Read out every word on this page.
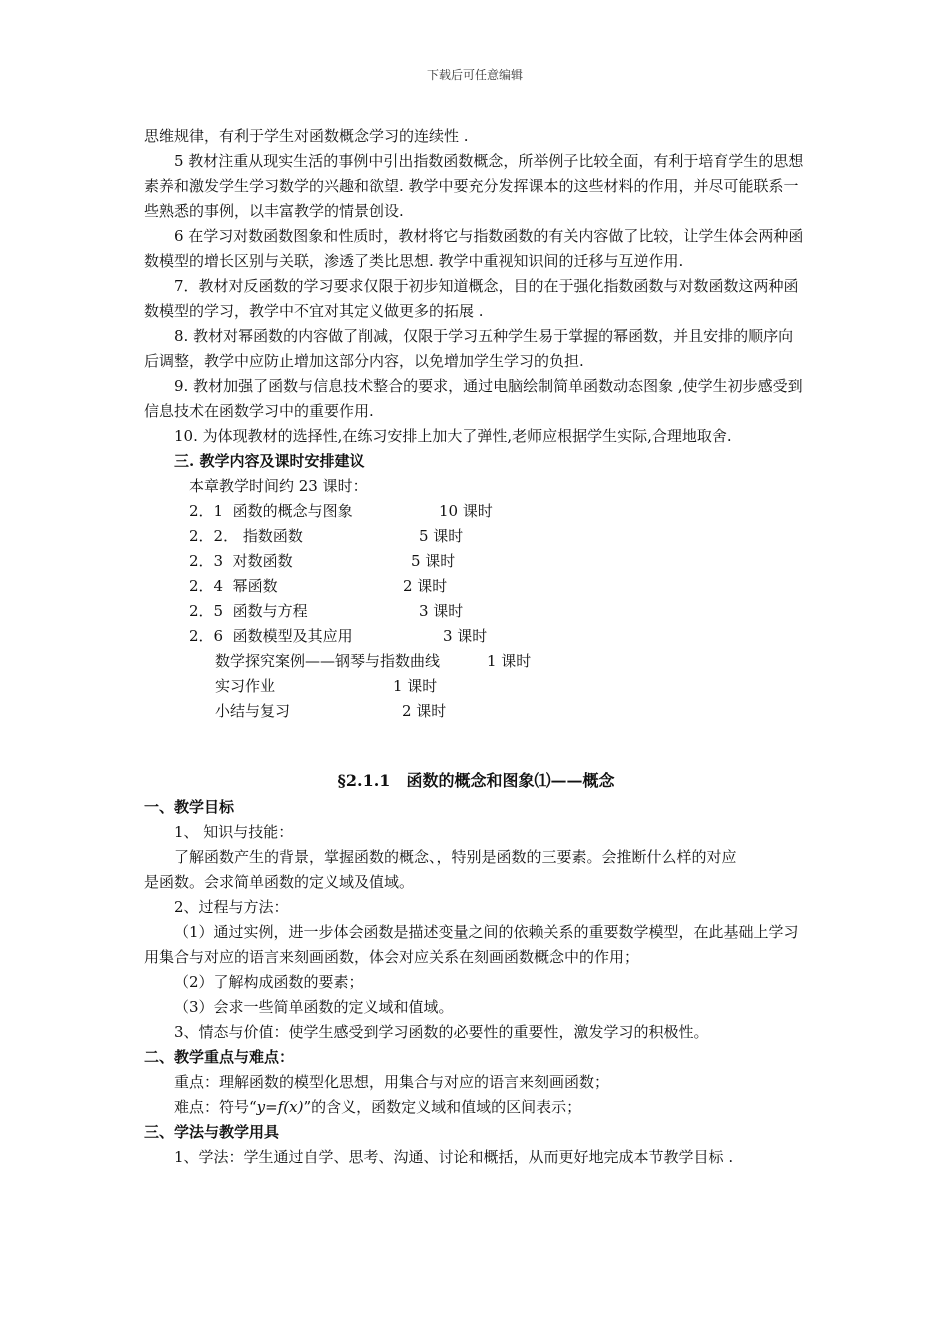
下载后可任意编辑

思维规律，有利于学生对函数概念学习的连续性 .

5 教材注重从现实生活的事例中引出指数函数概念，所举例子比较全面，有利于培育学生的思想素养和激发学生学习数学的兴趣和欲望. 教学中要充分发挥课本的这些材料的作用，并尽可能联系一些熟悉的事例，以丰富教学的情景创设.

6 在学习对数函数图象和性质时，教材将它与指数函数的有关内容做了比较，让学生体会两种函数模型的增长区别与关联，渗透了类比思想. 教学中重视知识间的迁移与互逆作用.

7．教材对反函数的学习要求仅限于初步知道概念，目的在于强化指数函数与对数函数这两种函数模型的学习，教学中不宜对其定义做更多的拓展 .

8. 教材对幂函数的内容做了削减，仅限于学习五种学生易于掌握的幂函数，并且安排的顺序向后调整，教学中应防止增加这部分内容，以免增加学生学习的负担.

9. 教材加强了函数与信息技术整合的要求，通过电脑绘制简单函数动态图象 ,使学生初步感受到信息技术在函数学习中的重要作用.

10. 为体现教材的选择性,在练习安排上加大了弹性,老师应根据学生实际,合理地取舍.

三. 教学内容及课时安排建议

本章教学时间约 23 课时：

2．1  函数的概念与图象	10 课时
2．2． 指数函数	5 课时
2．3  对数函数	5 课时
2．4  幂函数	2 课时
2．5  函数与方程	3 课时
2．6  函数模型及其应用	3 课时
数学探究案例——钢琴与指数曲线	1 课时
实习作业	1 课时
小结与复习	2 课时
§2.1.1　函数的概念和图象⑴——概念

一、教学目标

1、 知识与技能：

了解函数产生的背景，掌握函数的概念、，特别是函数的三要素。会推断什么样的对应

是函数。会求简单函数的定义域及值域。

2、过程与方法：

（1）通过实例，进一步体会函数是描述变量之间的依赖关系的重要数学模型，在此基础上学习用集合与对应的语言来刻画函数，体会对应关系在刻画函数概念中的作用；

（2）了解构成函数的要素；

（3）会求一些简单函数的定义域和值域。

3、情态与价值：使学生感受到学习函数的必要性的重要性，激发学习的积极性。

二、教学重点与难点：

重点：理解函数的模型化思想，用集合与对应的语言来刻画函数；

难点：符号“y=f(x)”的含义，函数定义域和值域的区间表示；

三、学法与教学用具

1、学法：学生通过自学、思考、沟通、讨论和概括，从而更好地完成本节教学目标 .
